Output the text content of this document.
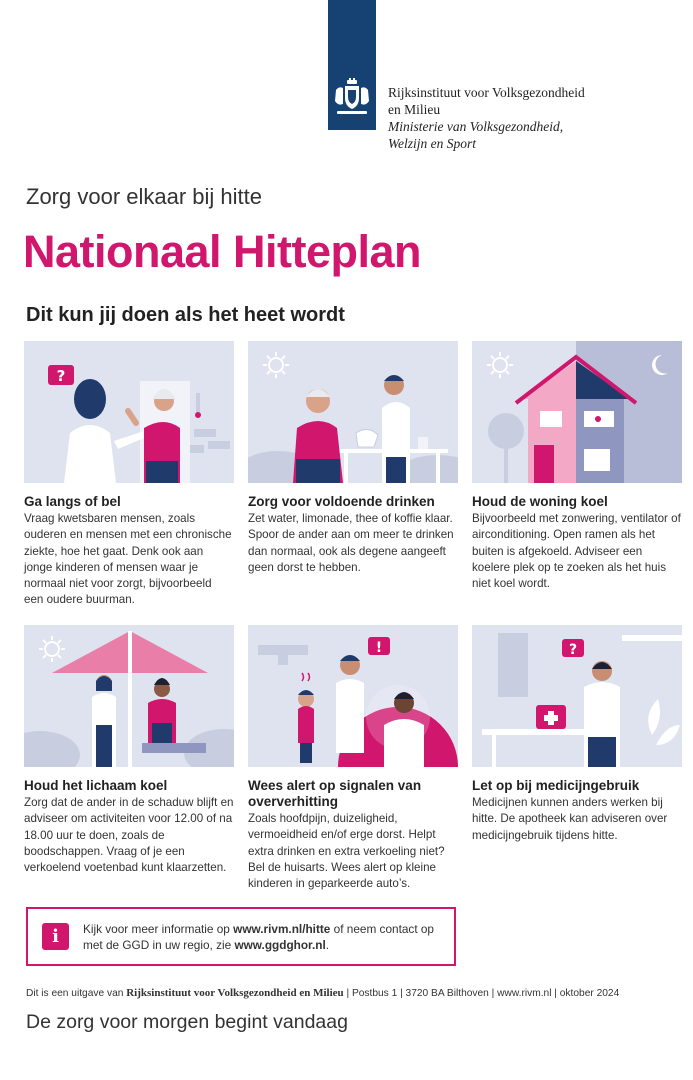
Rijksinstituut voor Volksgezondheid
en Milieu
Ministerie van Volksgezondheid,
Welzijn en Sport
Zorg voor elkaar bij hitte
Nationaal Hitteplan
Dit kun jij doen als het heet wordt
?
Ga langs of bel

Vraag kwetsbaren mensen, zoals ouderen en mensen met een chronische ziekte, hoe het gaat. Denk ook aan jonge kinderen of mensen waar je normaal niet voor zorgt, bijvoorbeeld een oudere buurman.

Zorg voor voldoende drinken

Zet water, limonade, thee of koffie klaar. Spoor de ander aan om meer te drinken dan normaal, ook als degene aangeeft geen dorst te hebben.

Houd de woning koel

Bijvoorbeeld met zonwering, ventilator of airconditioning. Open ramen als het buiten is afgekoeld. Adviseer een koelere plek op te zoeken als het huis niet koel wordt.

Houd het lichaam koel

Zorg dat de ander in de schaduw blijft en adviseer om activiteiten voor 12.00 of na 18.00 uur te doen, zoals de boodschappen. Vraag of je een verkoelend voetenbad kunt klaarzetten.

!
Wees alert op signalen van oververhitting

Zoals hoofdpijn, duizeligheid, vermoeidheid en/of erge dorst. Helpt extra drinken en extra verkoeling niet? Bel de huisarts. Wees alert op kleine kinderen in geparkeerde auto’s.

?
Let op bij medicijngebruik

Medicijnen kunnen anders werken bij hitte. De apotheek kan adviseren over medicijngebruik tijdens hitte.

i	Kijk voor meer informatie op www.rivm.nl/hitte of neem contact op met de GGD in uw regio, zie www.ggdghor.nl.
Dit is een uitgave van Rijksinstituut voor Volksgezondheid en Milieu | Postbus 1 | 3720 BA Bilthoven | www.rivm.nl | oktober 2024
De zorg voor morgen begint vandaag
